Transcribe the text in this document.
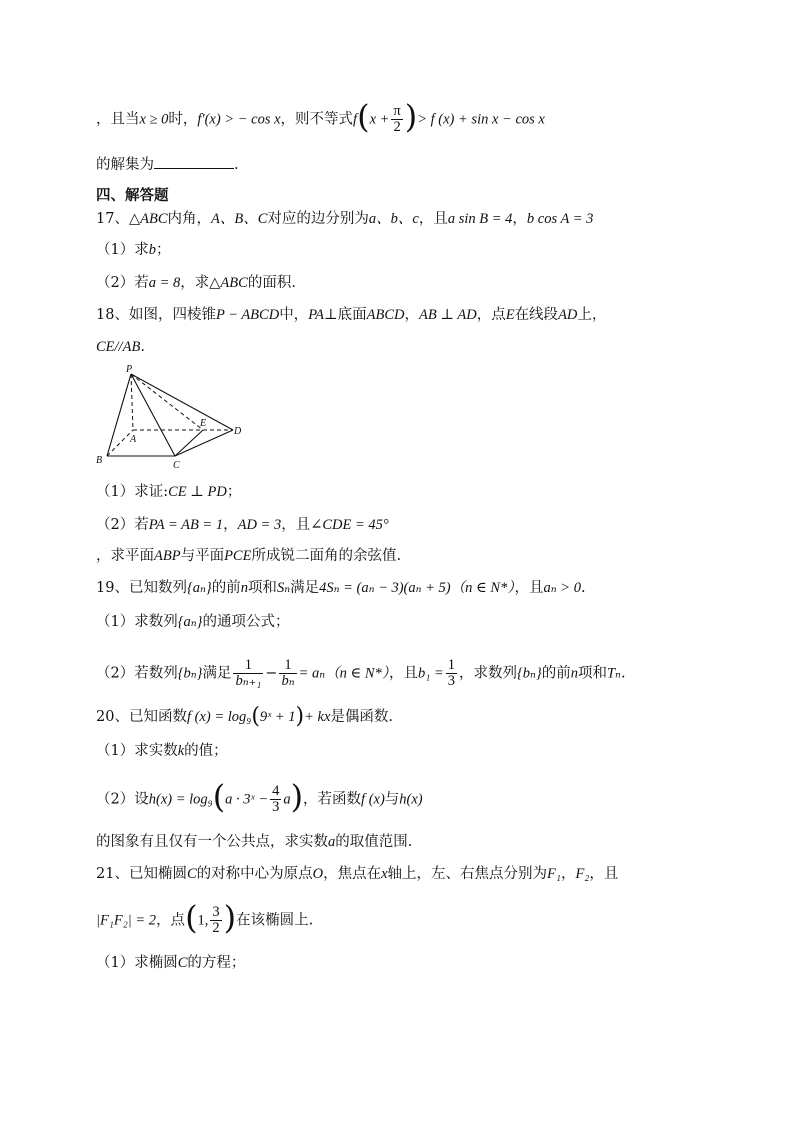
，且当x ≥ 0时，f′(x) > − cos x，则不等式$f(x + \frac{\pi}{2}$ )> f (x) + sin x − cos x
的解集为	.
四、解答题
17、△ABC内角，A、B、C对应的边分别为a、b、c，且a sin B = 4，b cos A = 3
（1）求b；
（2）若a = 8，求△ABC的面积.
18、如图，四棱锥P − ABCD中，PA⊥底面ABCD，AB ⊥ AD，点E在线段AD上，
CE//AB.
P
A
B	C
D
E
（1）求证:CE ⊥ PD；
（2）若PA = AB = 1，AD = 3，且∠CDE = 45°
，求平面ABP与平面PCE所成锐二面角的余弦值.
19、已知数列{aₙ}的前n项和Sₙ满足4Sₙ = (aₙ − 3)(aₙ + 5)（n ∈ N*），且aₙ > 0.
（1）求数列{aₙ}的通项公式；
（2）若数列{bₙ}满足 $\frac{1}{\text{bₙ₊₁}} - \frac{1}{\text{bₙ}} = a_n(n$ ∈ N*），且$b_1 = \frac{1}{3}$ ，求数列{bₙ}的前n项和Tₙ.
20、已知函数f (x) = log₉(9ˣ + 1)+ kx是偶函数.
（1）求实数k的值；
（2）设h(x) = log₉(a · 3ˣ − $\frac{4}{3} a$)，若函数f (x)与h(x)
的图象有且仅有一个公共点，求实数a的取值范围.
21、已知椭圆C的对称中心为原点O，焦点在x轴上，左、右焦点分别为F₁，F₂，且
|F₁F₂| = 2，点(1, $\frac{3}{2}$ )在该椭圆上.
（1）求椭圆C的方程；
